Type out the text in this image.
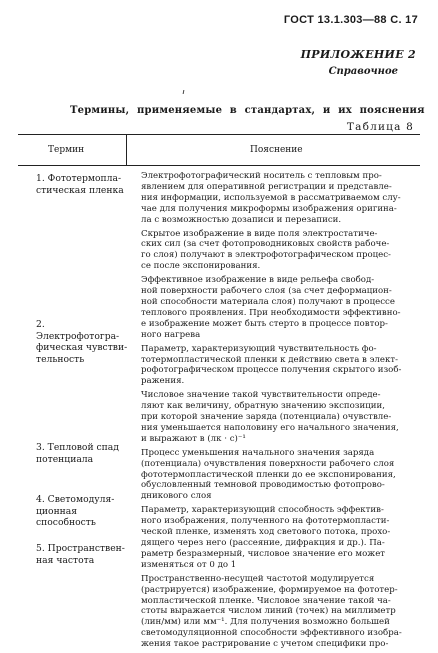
ГОСТ 13.1.303—88 С. 17
ПРИЛОЖЕНИЕ 2
Справочное
Термины, применяемые в стандартах, и их пояснения
Таблица 8
Термин	Пояснение
1. Фототермопла-
стическая пленка
2. Электрофотогра-
фическая чувстви-
тельность
3. Тепловой спад
потенциала
4. Светомодуля-
ционная способность
5. Пространствен-
ная частота
Электрофотографический носитель с тепловым про-
явлением для оперативной регистрации и представле-
ния информации, используемой в рассматриваемом слу-
чае для получения микроформы изображения оригина-
ла с возможностью дозаписи и перезаписи.
Скрытое изображение в виде поля электростатиче-
ских сил (за счет фотопроводниковых свойств рабоче-
го слоя) получают в электрофотографическом процес-
се после экспонирования.
Эффективное изображение в виде рельефа свобод-
ной поверхности рабочего слоя (за счет деформацион-
ной способности материала слоя) получают в процессе
теплового проявления. При необходимости эффективно-
е изображение может быть стерто в процессе повтор-
ного нагрева
Параметр, характеризующий чувствительность фо-
тотермопластической пленки к действию света в элект-
рофотографическом процессе получения скрытого изоб-
ражения.
Числовое значение такой чувствительности опреде-
ляют как величину, обратную значению экспозиции,
при которой значение заряда (потенциала) очувствле-
ния уменьшается наполовину его начального значения,
и выражают в (лк · с)⁻¹
Процесс уменьшения начального значения заряда
(потенциала) очувствления поверхности рабочего слоя
фототермопластической пленки до ее экспонирования,
обусловленный темновой проводимостью фотопрово-
дникового слоя
Параметр, характеризующий способность эффектив-
ного изображения, полученного на фототермопласти-
ческой пленке, изменять ход светового потока, прохо-
дящего через него (рассеяние, дифракция и др.). Па-
раметр безразмерный, числовое значение его может
изменяться от 0 до 1
Пространственно-несущей частотой модулируется
(растрируется) изображение, формируемое на фототер-
мопластической пленке. Числовое значение такой ча-
стоты выражается числом линий (точек) на миллиметр
(лин/мм) или мм⁻¹. Для получения возможно большей
светомодуляционной способности эффективного изобра-
жения такое растрирование с учетом специфики про-
